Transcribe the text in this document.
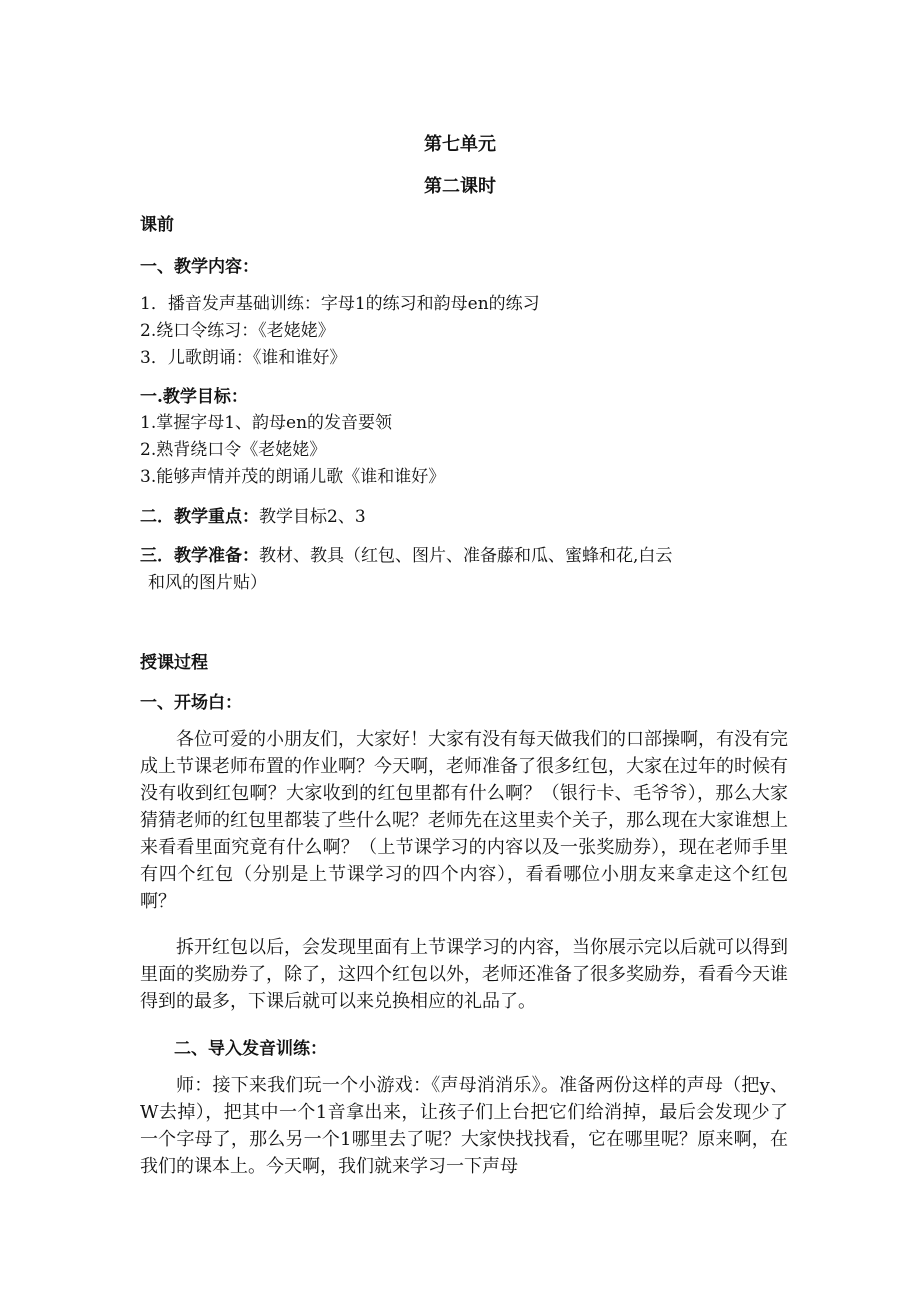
第七单元
第二课时
课前
一、教学内容：
1．播音发声基础训练：字母1的练习和韵母en的练习
2.绕口令练习：《老姥姥》
3．儿歌朗诵：《谁和谁好》
一.教学目标：
1.掌握字母1、韵母en的发音要领
2.熟背绕口令《老姥姥》
3.能够声情并茂的朗诵儿歌《谁和谁好》
二．教学重点：教学目标2、3
三．教学准备：教材、教具（红包、图片、准备藤和瓜、蜜蜂和花,白云
和风的图片贴）
授课过程
一、开场白：
各位可爱的小朋友们，大家好！大家有没有每天做我们的口部操啊，有没有完成上节课老师布置的作业啊？今天啊，老师准备了很多红包，大家在过年的时候有没有收到红包啊？大家收到的红包里都有什么啊？（银行卡、毛爷爷），那么大家猜猜老师的红包里都装了些什么呢？老师先在这里卖个关子，那么现在大家谁想上来看看里面究竟有什么啊？（上节课学习的内容以及一张奖励券），现在老师手里有四个红包（分别是上节课学习的四个内容），看看哪位小朋友来拿走这个红包啊？
拆开红包以后，会发现里面有上节课学习的内容，当你展示完以后就可以得到里面的奖励券了，除了，这四个红包以外，老师还准备了很多奖励券，看看今天谁得到的最多，下课后就可以来兑换相应的礼品了。
二、导入发音训练：
师：接下来我们玩一个小游戏：《声母消消乐》。准备两份这样的声母（把y、W去掉），把其中一个1音拿出来，让孩子们上台把它们给消掉，最后会发现少了一个字母了，那么另一个1哪里去了呢？大家快找找看，它在哪里呢？原来啊，在我们的课本上。今天啊，我们就来学习一下声母
